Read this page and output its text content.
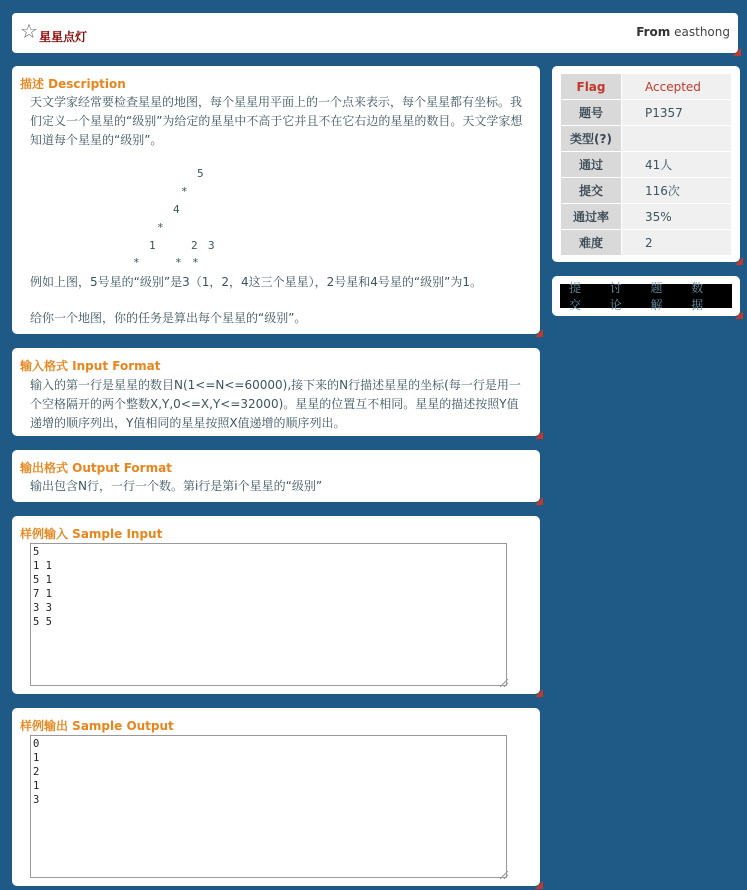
☆ 星星点灯	From easthong
描述 Description
天文学家经常要检查星星的地图，每个星星用平面上的一个点来表示，每个星星都有坐标。我们定义一个星星的“级别”为给定的星星中不高于它并且不在它右边的星星的数目。天文学家想知道每个星星的“级别”。
5
*
4
*
1	2 3
*	* *
例如上图，5号星的“级别”是3（1，2，4这三个星星），2号星和4号星的“级别”为1。
给你一个地图，你的任务是算出每个星星的“级别”。
输入格式 Input Format
输入的第一行是星星的数目N(1<=N<=60000),接下来的N行描述星星的坐标(每一行是用一个空格隔开的两个整数X,Y,0<=X,Y<=32000)。星星的位置互不相同。星星的描述按照Y值递增的顺序列出，Y值相同的星星按照X值递增的顺序列出。
输出格式 Output Format
输出包含N行，一行一个数。第i行是第i个星星的“级别”
样例输入 Sample Input
5
1 1
5 1
7 1
3 3
5 5
样例输出 Sample Output
0
1
2
1
3
Flag	Accepted
题号	P1357
类型(?)	
通过	41人
提交	116次
通过率	35%
难度	2
提交
讨论
题解
数据
